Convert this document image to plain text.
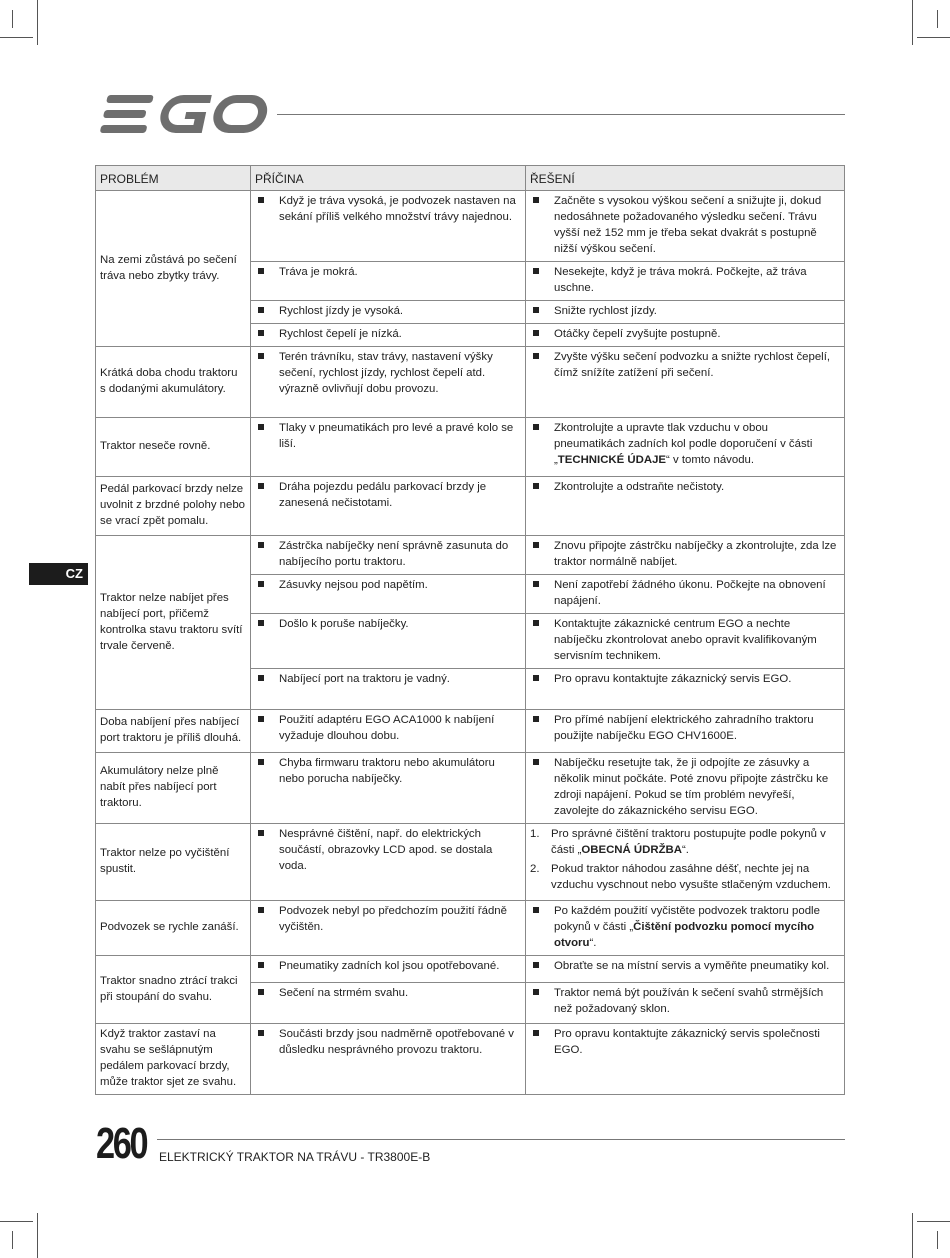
CZ
PROBLÉM	PŘÍČINA	ŘEŠENÍ
Na zemi zůstává po sečení tráva nebo zbytky trávy.	Když je tráva vysoká, je podvozek nastaven na sekání příliš velkého množství trávy najednou.	Začněte s vysokou výškou sečení a snižujte ji, dokud nedosáhnete požadovaného výsledku sečení. Trávu vyšší než 152 mm je třeba sekat dvakrát s postupně nižší výškou sečení.

	Tráva je mokrá.	Nesekejte, když je tráva mokrá. Počkejte, až tráva uschne.

	Rychlost jízdy je vysoká.	Snižte rychlost jízdy.

	Rychlost čepelí je nízká.	Otáčky čepelí zvyšujte postupně.

Krátká doba chodu traktoru s dodanými akumulátory.	Terén trávníku, stav trávy, nastavení výšky sečení, rychlost jízdy, rychlost čepelí atd. výrazně ovlivňují dobu provozu.	Zvyšte výšku sečení podvozku a snižte rychlost čepelí, čímž snížíte zatížení při sečení.

Traktor neseče rovně.	Tlaky v pneumatikách pro levé a pravé kolo se liší.	Zkontrolujte a upravte tlak vzduchu v obou pneumatikách zadních kol podle doporučení v části „TECHNICKÉ ÚDAJE“ v tomto návodu.

Pedál parkovací brzdy nelze uvolnit z brzdné polohy nebo se vrací zpět pomalu.	Dráha pojezdu pedálu parkovací brzdy je zanesená nečistotami.	Zkontrolujte a odstraňte nečistoty.

Traktor nelze nabíjet přes nabíjecí port, přičemž kontrolka stavu traktoru svítí trvale červeně.	Zástrčka nabíječky není správně zasunuta do nabíjecího portu traktoru.	Znovu připojte zástrčku nabíječky a zkontrolujte, zda lze traktor normálně nabíjet.

	Zásuvky nejsou pod napětím.	Není zapotřebí žádného úkonu. Počkejte na obnovení napájení.

	Došlo k poruše nabíječky.	Kontaktujte zákaznické centrum EGO a nechte nabíječku zkontrolovat anebo opravit kvalifikovaným servisním technikem.

	Nabíjecí port na traktoru je vadný.	Pro opravu kontaktujte zákaznický servis EGO.

Doba nabíjení přes nabíjecí port traktoru je příliš dlouhá.	Použití adaptéru EGO ACA1000 k nabíjení vyžaduje dlouhou dobu.	Pro přímé nabíjení elektrického zahradního traktoru použijte nabíječku EGO CHV1600E.

Akumulátory nelze plně nabít přes nabíjecí port traktoru.	Chyba firmwaru traktoru nebo akumulátoru nebo porucha nabíječky.	Nabíječku resetujte tak, že ji odpojíte ze zásuvky a několik minut počkáte. Poté znovu připojte zástrčku ke zdroji napájení. Pokud se tím problém nevyřeší, zavolejte do zákaznického servisu EGO.

Traktor nelze po vyčištění spustit.	Nesprávné čištění, např. do elektrických součástí, obrazovky LCD apod. se dostala voda.	1. Pro správné čištění traktoru postupujte podle pokynů v části „OBECNÁ ÚDRŽBA“.
2. Pokud traktor náhodou zasáhne déšť, nechte jej na vzduchu vyschnout nebo vysušte stlačeným vzduchem.

Podvozek se rychle zanáší.	Podvozek nebyl po předchozím použití řádně vyčištěn.	Po každém použití vyčistěte podvozek traktoru podle pokynů v části „Čištění podvozku pomocí mycího otvoru“.

Traktor snadno ztrácí trakci při stoupání do svahu.	Pneumatiky zadních kol jsou opotřebované.	Obraťte se na místní servis a vyměňte pneumatiky kol.

	Sečení na strmém svahu.	Traktor nemá být používán k sečení svahů strmějších než požadovaný sklon.

Když traktor zastaví na svahu se sešlápnutým pedálem parkovací brzdy, může traktor sjet ze svahu.	Součásti brzdy jsou nadměrně opotřebované v důsledku nesprávného provozu traktoru.	Pro opravu kontaktujte zákaznický servis společnosti EGO.
260 ELEKTRICKÝ TRAKTOR NA TRÁVU - TR3800E-B
